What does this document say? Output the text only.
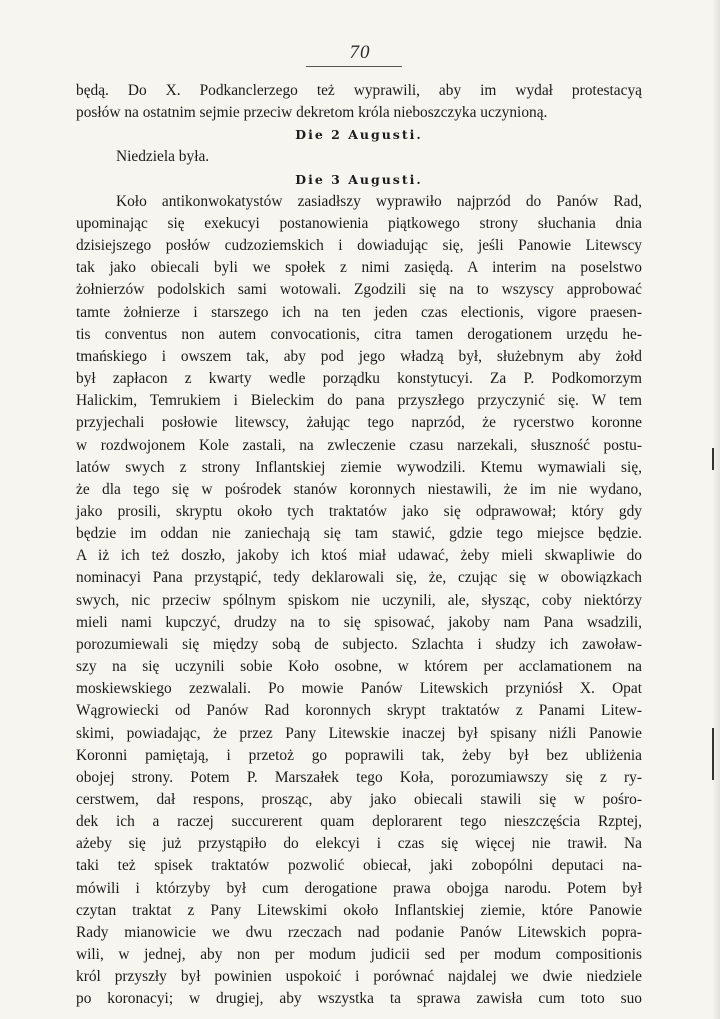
70
będą. Do X. Podkanclerzego też wyprawili, aby im wydał protestacyą
posłów na ostatnim sejmie przeciw dekretom króla nieboszczyka uczynioną.
Die 2 Augusti.
Niedziela była.
Die 3 Augusti.
Koło antikonwokatystów zasiadłszy wyprawiło najprzód do Panów Rad,
upominając się exekucyi postanowienia piątkowego strony słuchania dnia
dzisiejszego posłów cudzoziemskich i dowiadując się, jeśli Panowie Litewscy
tak jako obiecali byli we społek z nimi zasiędą. A interim na poselstwo
żołnierzów podolskich sami wotowali. Zgodzili się na to wszyscy approbować
tamte żołnierze i starszego ich na ten jeden czas electionis, vigore praesen-
tis conventus non autem convocationis, citra tamen derogationem urzędu he-
tmańskiego i owszem tak, aby pod jego władzą był, służebnym aby żołd
był zapłacon z kwarty wedle porządku konstytucyi. Za P. Podkomorzym
Halickim, Temrukiem i Bieleckim do pana przyszłego przyczynić się. W tem
przyjechali posłowie litewscy, żałując tego naprzód, że rycerstwo koronne
w rozdwojonem Kole zastali, na zwleczenie czasu narzekali, słuszność postu-
latów swych z strony Inflantskiej ziemie wywodzili. Ktemu wymawiali się,
że dla tego się w pośrodek stanów koronnych niestawili, że im nie wydano,
jako prosili, skryptu około tych traktatów jako się odprawował; który gdy
będzie im oddan nie zaniechają się tam stawić, gdzie tego miejsce będzie.
A iż ich też doszło, jakoby ich ktoś miał udawać, żeby mieli skwapliwie do
nominacyi Pana przystąpić, tedy deklarowali się, że, czując się w obowiązkach
swych, nic przeciw spólnym spiskom nie uczynili, ale, słysząc, coby niektórzy
mieli nami kupczyć, drudzy na to się spisować, jakoby nam Pana wsadzili,
porozumiewali się między sobą de subjecto. Szlachta i słudzy ich zawoław-
szy na się uczynili sobie Koło osobne, w którem per acclamationem na
moskiewskiego zezwalali. Po mowie Panów Litewskich przyniósł X. Opat
Wągrowiecki od Panów Rad koronnych skrypt traktatów z Panami Litew-
skimi, powiadając, że przez Pany Litewskie inaczej był spisany niźli Panowie
Koronni pamiętają, i przetoż go poprawili tak, żeby był bez ubliżenia
obojej strony. Potem P. Marszałek tego Koła, porozumiawszy się z ry-
cerstwem, dał respons, prosząc, aby jako obiecali stawili się w pośro-
dek ich a raczej succurerent quam deplorarent tego nieszczęścia Rzptej,
ażeby się już przystąpiło do elekcyi i czas się więcej nie trawił. Na
taki też spisek traktatów pozwolić obiecał, jaki zobopólni deputaci na-
mówili i którzyby był cum derogatione prawa obojga narodu. Potem był
czytan traktat z Pany Litewskimi około Inflantskiej ziemie, które Panowie
Rady mianowicie we dwu rzeczach nad podanie Panów Litewskich popra-
wili, w jednej, aby non per modum judicii sed per modum compositionis
król przyszły był powinien uspokoić i porównać najdalej we dwie niedziele
po koronacyi; w drugiej, aby wszystka ta sprawa zawisła cum toto suo
